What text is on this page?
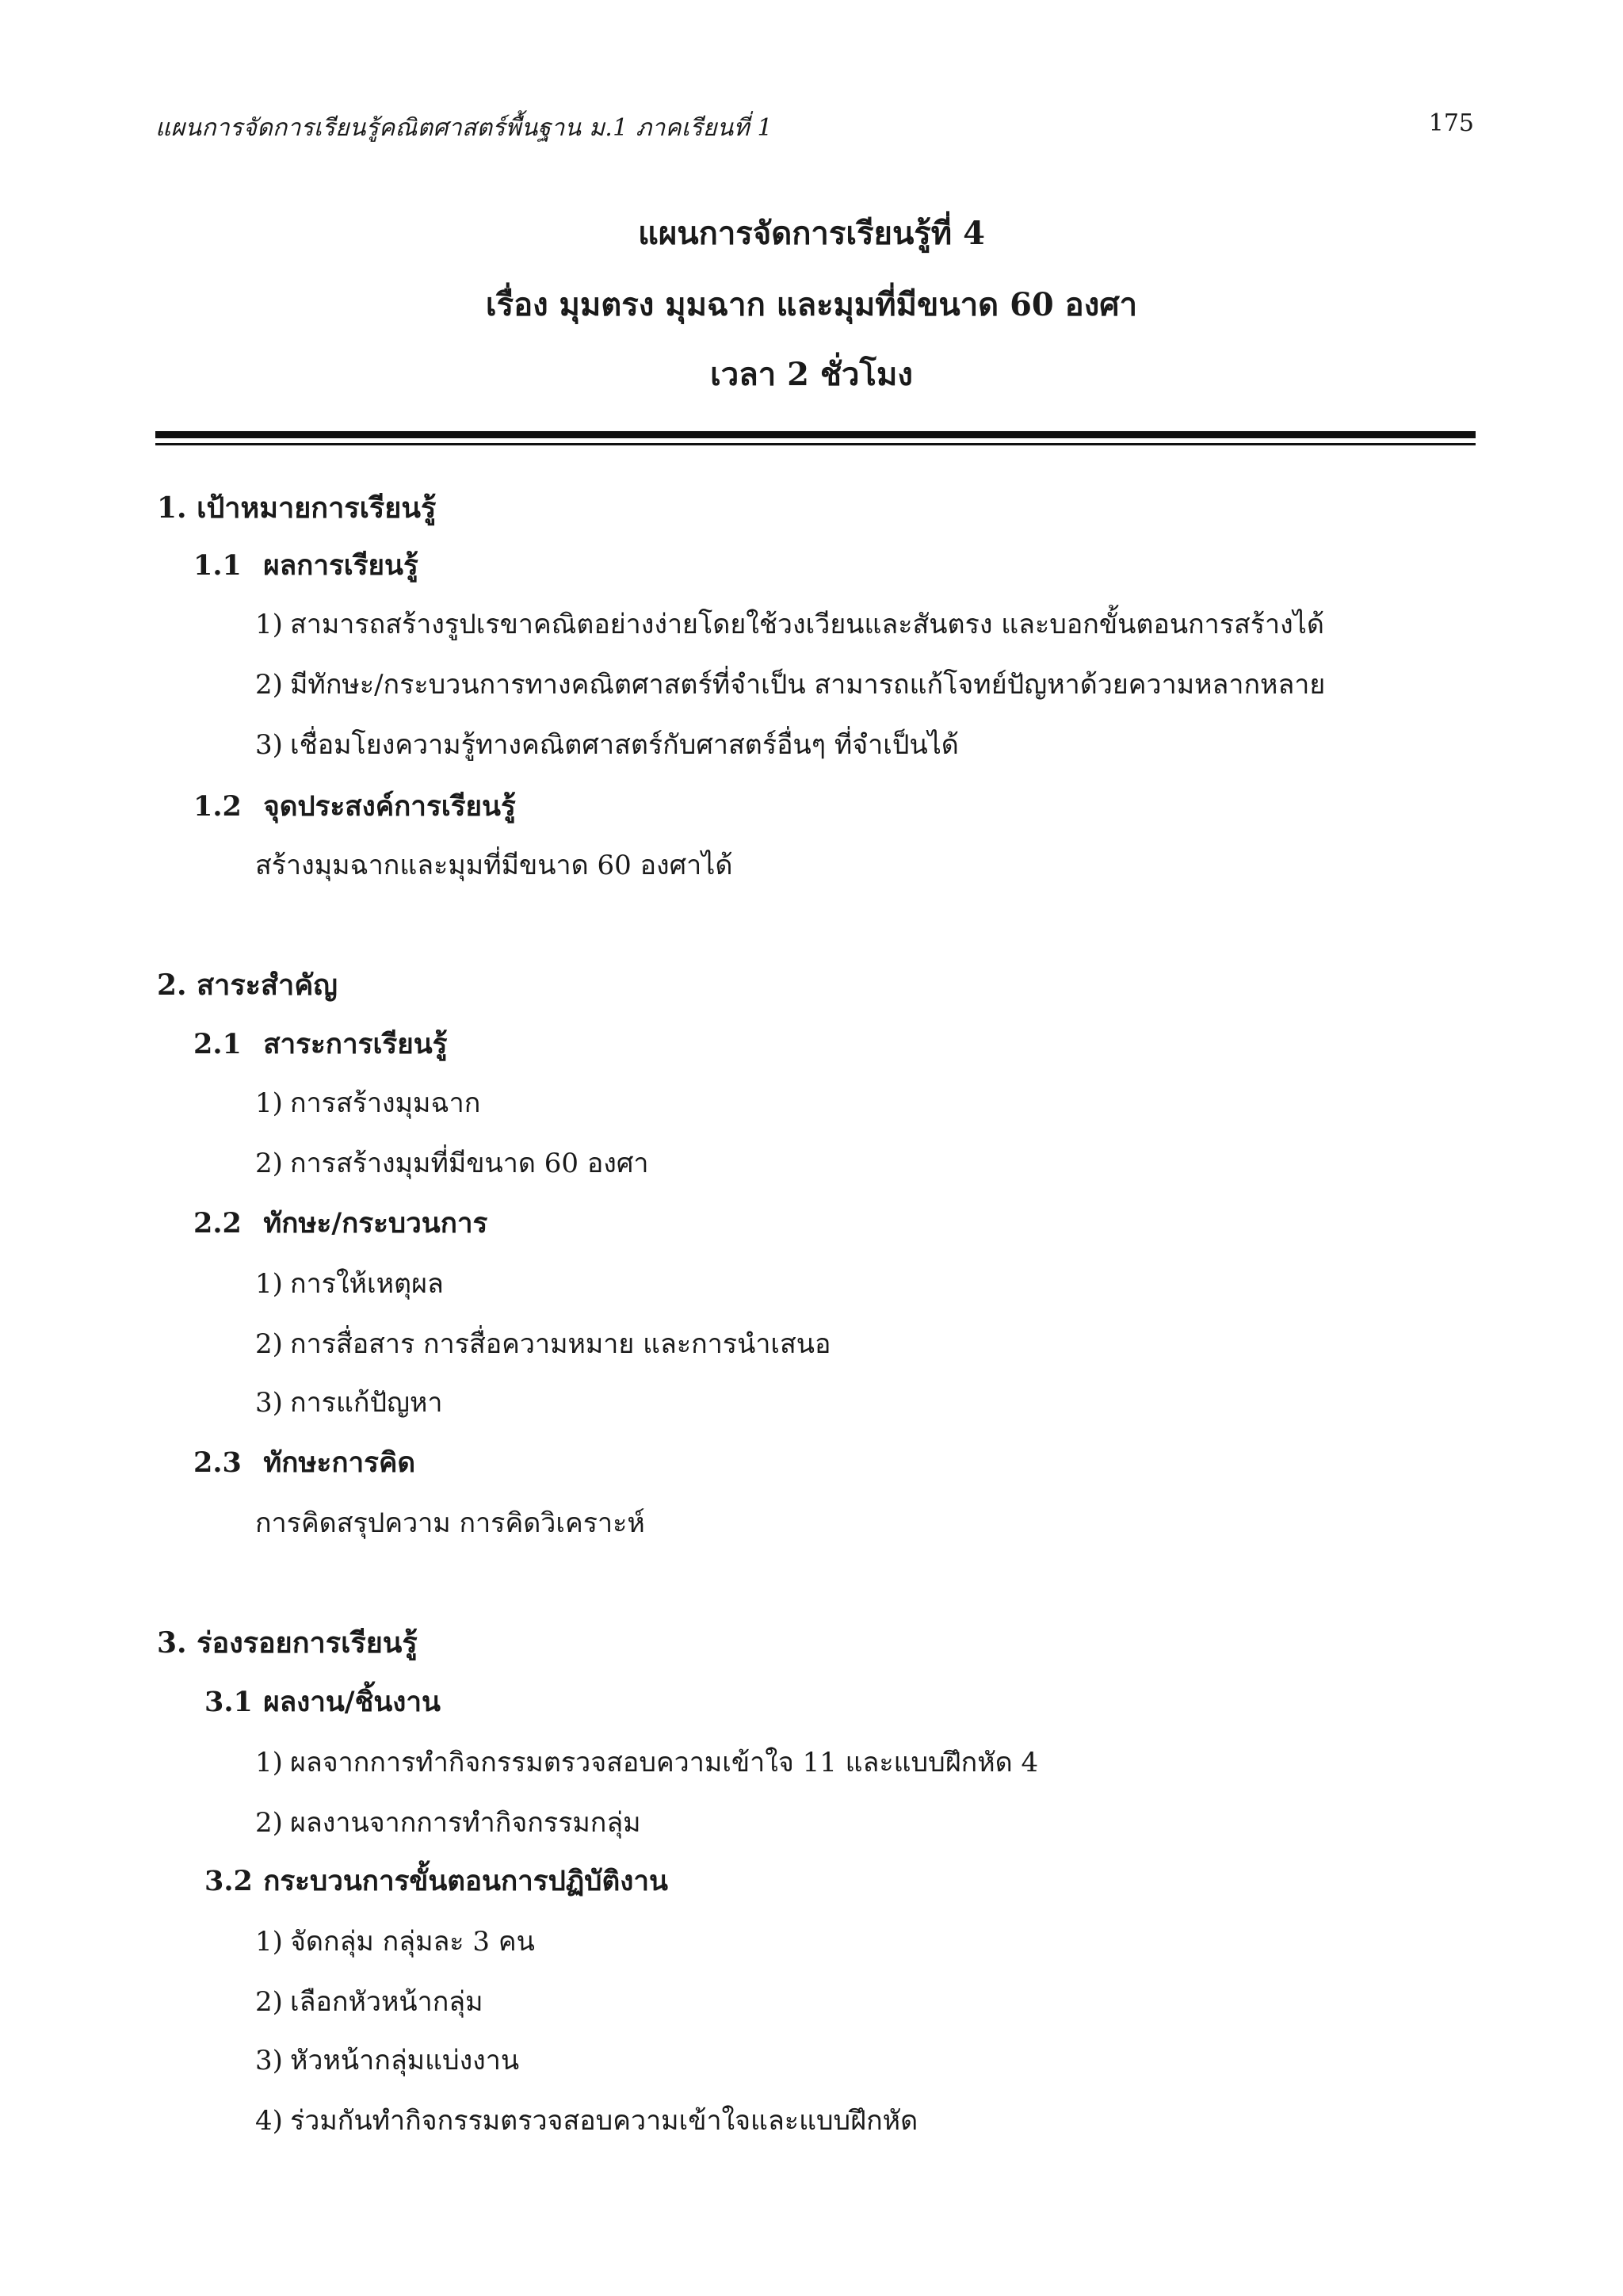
แผนการจัดการเรียนรู้คณิตศาสตร์พื้นฐาน ม.1 ภาคเรียนที่ 1	175
แผนการจัดการเรียนรู้ที่ 4
เรื่อง มุมตรง มุมฉาก และมุมที่มีขนาด 60 องศา
เวลา 2 ชั่วโมง
1. เป้าหมายการเรียนรู้
1.1 ผลการเรียนรู้
1) สามารถสร้างรูปเรขาคณิตอย่างง่ายโดยใช้วงเวียนและสันตรง และบอกขั้นตอนการสร้างได้
2) มีทักษะ/กระบวนการทางคณิตศาสตร์ที่จำเป็น สามารถแก้โจทย์ปัญหาด้วยความหลากหลาย
3) เชื่อมโยงความรู้ทางคณิตศาสตร์กับศาสตร์อื่นๆ ที่จำเป็นได้
1.2 จุดประสงค์การเรียนรู้
สร้างมุมฉากและมุมที่มีขนาด 60 องศาได้
2. สาระสำคัญ
2.1 สาระการเรียนรู้
1) การสร้างมุมฉาก
2) การสร้างมุมที่มีขนาด 60 องศา
2.2 ทักษะ/กระบวนการ
1) การให้เหตุผล
2) การสื่อสาร การสื่อความหมาย และการนำเสนอ
3) การแก้ปัญหา
2.3 ทักษะการคิด
การคิดสรุปความ การคิดวิเคราะห์
3. ร่องรอยการเรียนรู้
3.1 ผลงาน/ชิ้นงาน
1) ผลจากการทำกิจกรรมตรวจสอบความเข้าใจ 11 และแบบฝึกหัด 4
2) ผลงานจากการทำกิจกรรมกลุ่ม
3.2 กระบวนการขั้นตอนการปฏิบัติงาน
1) จัดกลุ่ม กลุ่มละ 3 คน
2) เลือกหัวหน้ากลุ่ม
3) หัวหน้ากลุ่มแบ่งงาน
4) ร่วมกันทำกิจกรรมตรวจสอบความเข้าใจและแบบฝึกหัด
